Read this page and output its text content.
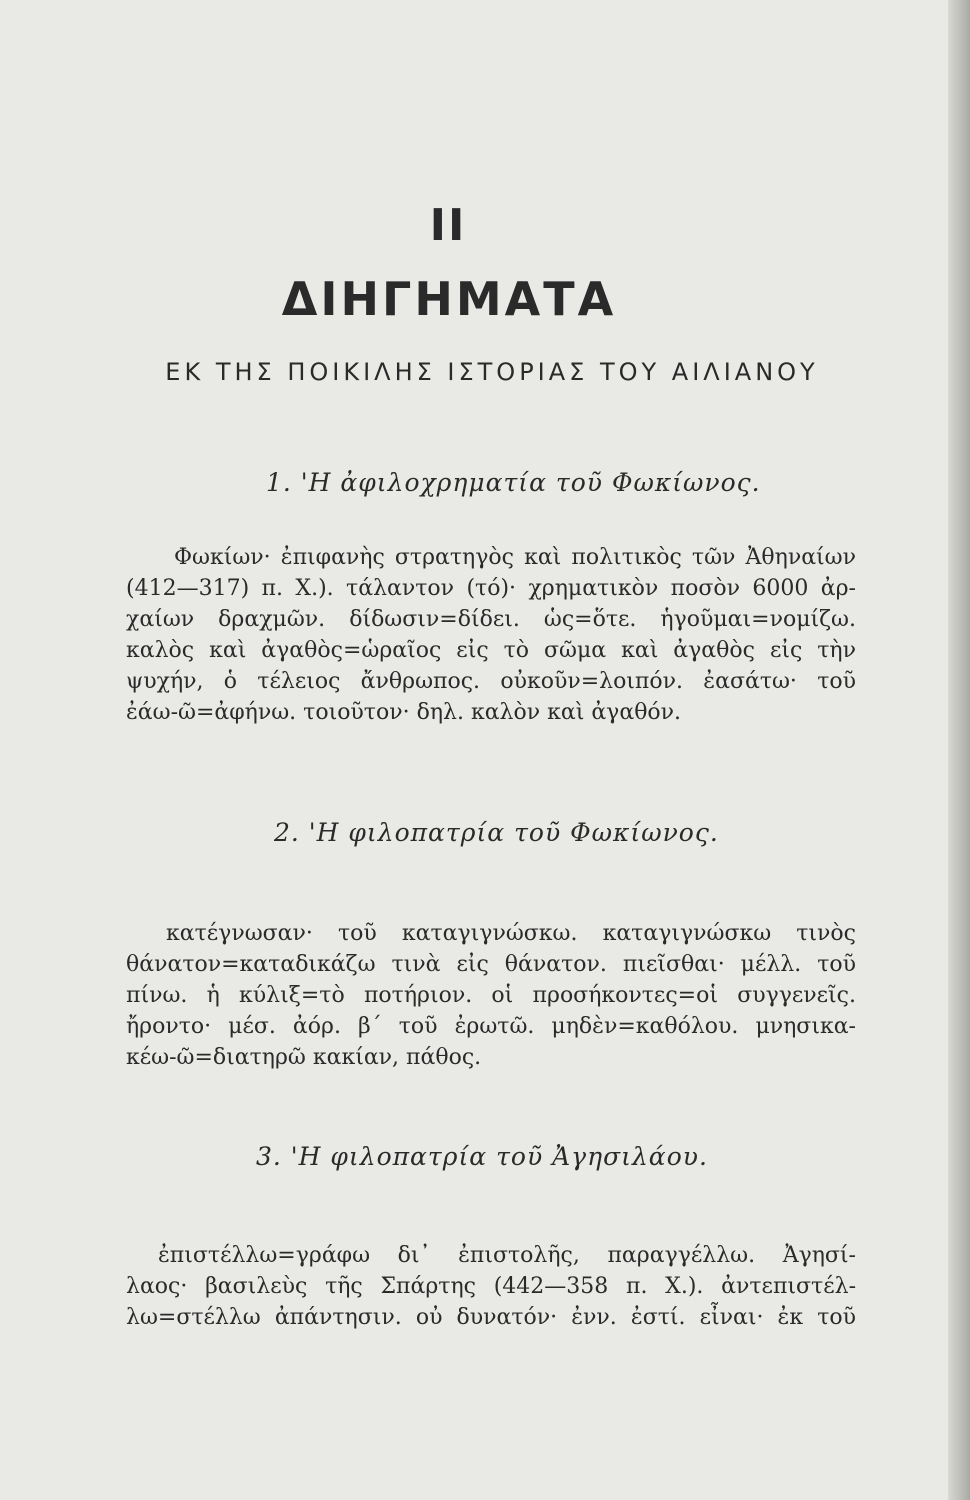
II
ΔΙΗΓΗΜΑΤΑ
ΕΚ ΤΗΣ ΠΟΙΚΙΛΗΣ ΙΣΤΟΡΙΑΣ ΤΟΥ ΑΙΛΙΑΝΟΥ
1. 'Η ἀφιλοχρηματία τοῦ Φωκίωνος.
Φωκίων· ἐπιφανὴς στρατηγὸς καὶ πολιτικὸς τῶν Ἀθηναίων
(412—317) π. Χ.). τάλαντον (τό)· χρηματικὸν ποσὸν 6000 ἀρ-
χαίων δραχμῶν. δίδωσιν=δίδει. ὡς=ὅτε. ἡγοῦμαι=νομίζω.
καλὸς καὶ ἀγαθὸς=ὡραῖος εἰς τὸ σῶμα καὶ ἀγαθὸς εἰς τὴν
ψυχήν, ὁ τέλειος ἄνθρωπος. οὐκοῦν=λοιπόν. ἐασάτω· τοῦ
ἐάω-ῶ=ἀφήνω. τοιοῦτον· δηλ. καλὸν καὶ ἀγαθόν.
2. 'Η φιλοπατρία τοῦ Φωκίωνος.
κατέγνωσαν· τοῦ καταγιγνώσκω. καταγιγνώσκω τινὸς
θάνατον=καταδικάζω τινὰ εἰς θάνατον. πιεῖσθαι· μέλλ. τοῦ
πίνω. ἡ κύλιξ=τὸ ποτήριον. οἱ προσήκοντες=οἱ συγγενεῖς.
ἤροντο· μέσ. ἀόρ. β΄ τοῦ ἐρωτῶ. μηδὲν=καθόλου. μνησικα-
κέω-ῶ=διατηρῶ κακίαν, πάθος.
3. 'Η φιλοπατρία τοῦ Ἀγησιλάου.
ἐπιστέλλω=γράφω δι᾽ ἐπιστολῆς, παραγγέλλω. Ἀγησί-
λαος· βασιλεὺς τῆς Σπάρτης (442—358 π. Χ.). ἀντεπιστέλ-
λω=στέλλω ἀπάντησιν. οὐ δυνατόν· ἐνν. ἐστί. εἶναι· ἐκ τοῦ
